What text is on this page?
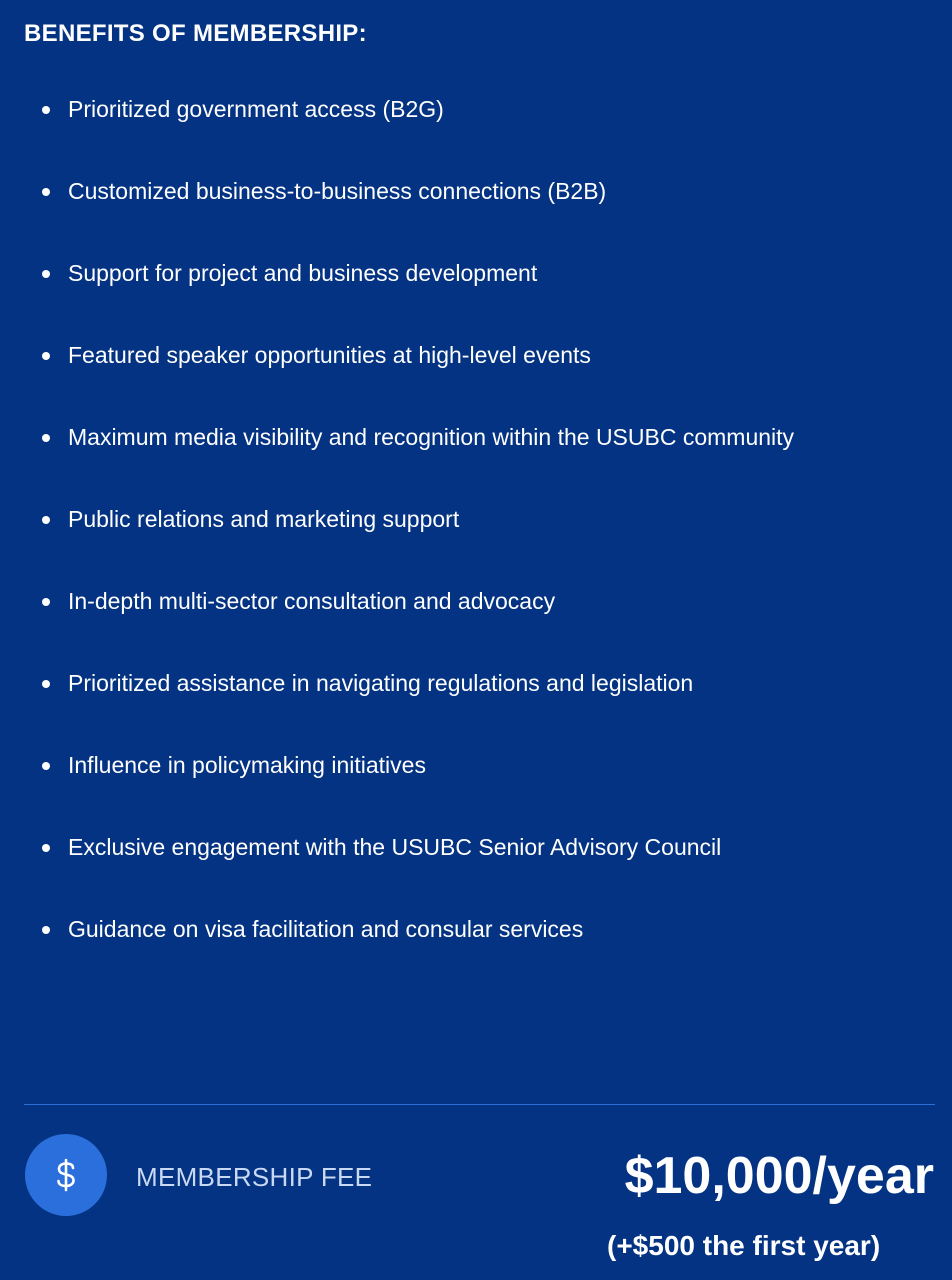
BENEFITS OF MEMBERSHIP:
Prioritized government access (B2G)
Customized business-to-business connections (B2B)
Support for project and business development
Featured speaker opportunities at high-level events
Maximum media visibility and recognition within the USUBC community
Public relations and marketing support
In-depth multi-sector consultation and advocacy
Prioritized assistance in navigating regulations and legislation
Influence in policymaking initiatives
Exclusive engagement with the USUBC Senior Advisory Council
Guidance on visa facilitation and consular services
MEMBERSHIP FEE	$10,000/year
(+$500 the first year)
